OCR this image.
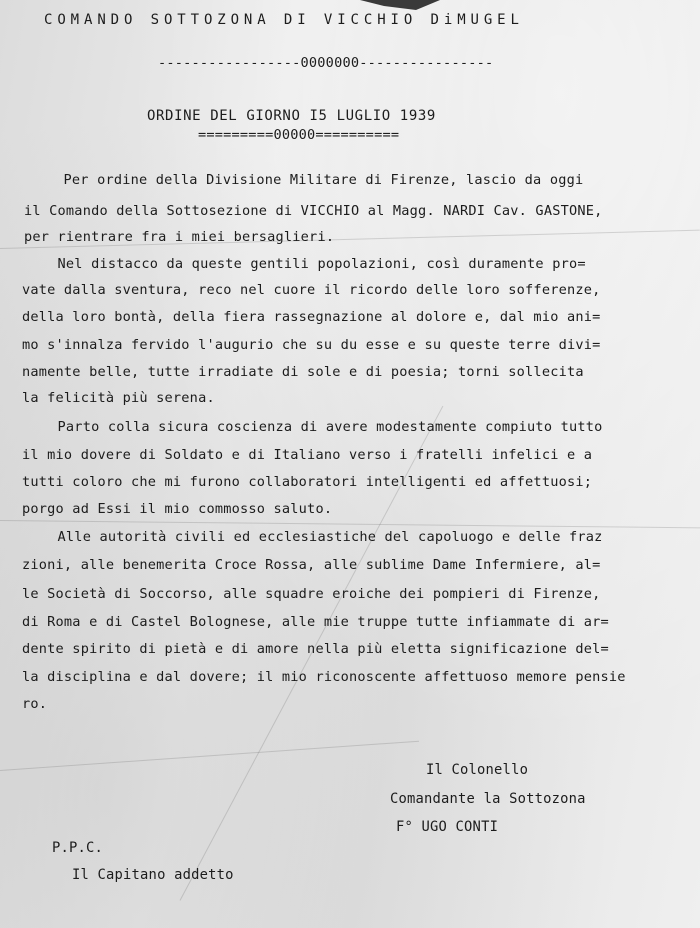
COMANDO SOTTOZONA DI VICCHIO DiMUGEL
-----------------0000000----------------
ORDINE DEL GIORNO I5 LUGLIO 1939
=========00000==========
Per ordine della Divisione Militare di Firenze, lascio da oggi
il Comando della Sottosezione di VICCHIO al Magg. NARDI Cav. GASTONE,
per rientrare fra i miei bersaglieri.
Nel distacco da queste gentili popolazioni, così duramente pro=
vate dalla sventura, reco nel cuore il ricordo delle loro sofferenze,
della loro bontà, della fiera rassegnazione al dolore e, dal mio ani=
mo s'innalza fervido l'augurio che su du esse e su queste terre divi=
namente belle, tutte irradiate di sole e di poesia; torni sollecita
la felicità più serena.
Parto colla sicura coscienza di avere modestamente compiuto tutto
il mio dovere di Soldato e di Italiano verso i fratelli infelici e a
tutti coloro che mi furono collaboratori intelligenti ed affettuosi;
porgo ad Essi il mio commosso saluto.
Alle autorità civili ed ecclesiastiche del capoluogo e delle fraz
zioni, alle benemerita Croce Rossa, alle sublime Dame Infermiere, al=
le Società di Soccorso, alle squadre eroiche dei pompieri di Firenze,
di Roma e di Castel Bolognese, alle mie truppe tutte infiammate di ar=
dente spirito di pietà e di amore nella più eletta significazione del=
la disciplina e dal dovere; il mio riconoscente affettuoso memore pensie
ro.
Il Colonello
Comandante la Sottozona
F° UGO CONTI
P.P.C.
Il Capitano addetto
